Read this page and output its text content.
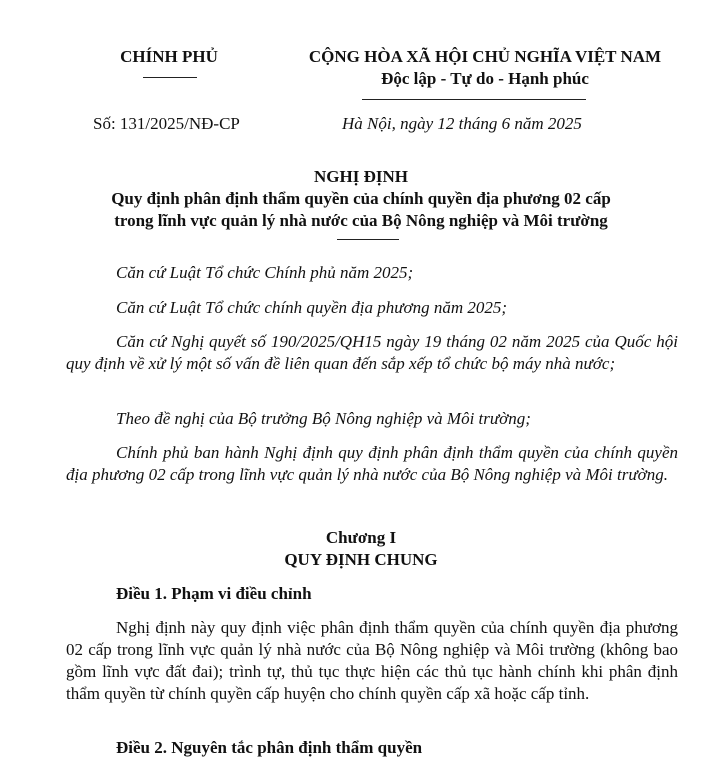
CHÍNH PHỦ	CỘNG HÒA XÃ HỘI CHỦ NGHĨA VIỆT NAM
Độc lập - Tự do - Hạnh phúc
Số: 131/2025/NĐ-CP	Hà Nội, ngày 12 tháng 6 năm 2025
NGHỊ ĐỊNH
Quy định phân định thẩm quyền của chính quyền địa phương 02 cấp
trong lĩnh vực quản lý nhà nước của Bộ Nông nghiệp và Môi trường
Căn cứ Luật Tổ chức Chính phủ năm 2025;
Căn cứ Luật Tổ chức chính quyền địa phương năm 2025;
Căn cứ Nghị quyết số 190/2025/QH15 ngày 19 tháng 02 năm 2025 của Quốc hội quy định về xử lý một số vấn đề liên quan đến sắp xếp tổ chức bộ máy nhà nước;
Theo đề nghị của Bộ trưởng Bộ Nông nghiệp và Môi trường;
Chính phủ ban hành Nghị định quy định phân định thẩm quyền của chính quyền địa phương 02 cấp trong lĩnh vực quản lý nhà nước của Bộ Nông nghiệp và Môi trường.
Chương I
QUY ĐỊNH CHUNG
Điều 1. Phạm vi điều chỉnh
Nghị định này quy định việc phân định thẩm quyền của chính quyền địa phương 02 cấp trong lĩnh vực quản lý nhà nước của Bộ Nông nghiệp và Môi trường (không bao gồm lĩnh vực đất đai); trình tự, thủ tục thực hiện các thủ tục hành chính khi phân định thẩm quyền từ chính quyền cấp huyện cho chính quyền cấp xã hoặc cấp tỉnh.
Điều 2. Nguyên tắc phân định thẩm quyền
